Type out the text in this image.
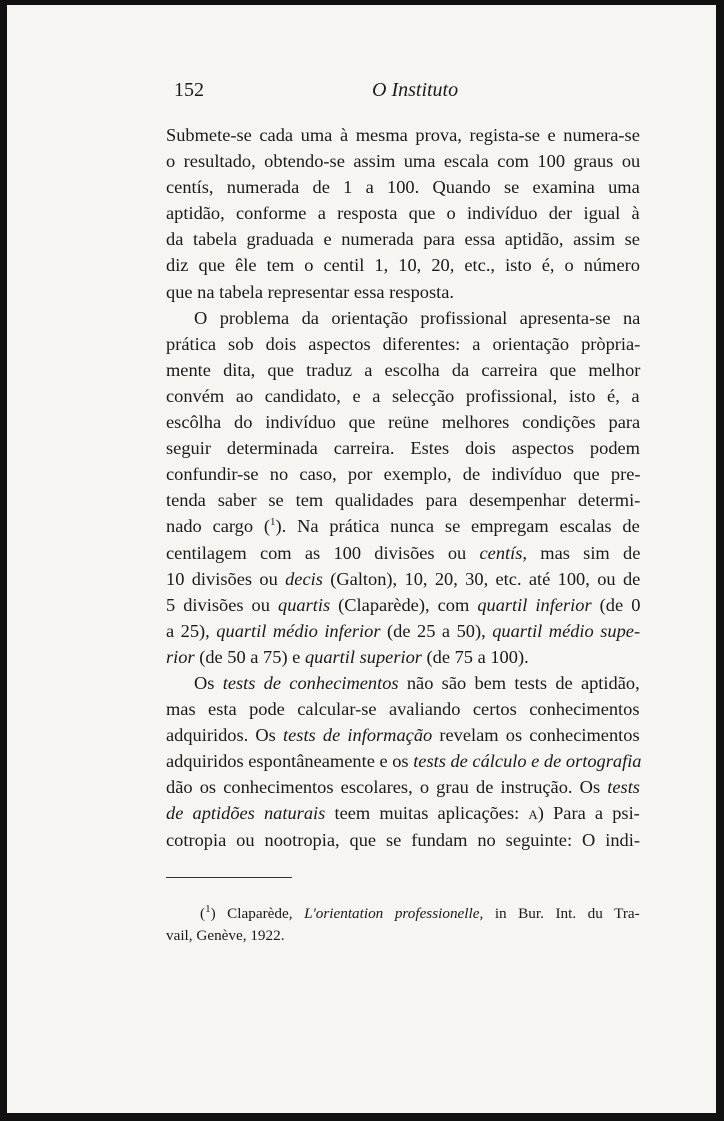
152	O Instituto
Submete-se cada uma à mesma prova, regista-se e numera-se
o resultado, obtendo-se assim uma escala com 100 graus ou
centís, numerada de 1 a 100. Quando se examina uma
aptidão, conforme a resposta que o indivíduo der igual à
da tabela graduada e numerada para essa aptidão, assim se
diz que êle tem o centil 1, 10, 20, etc., isto é, o número
que na tabela representar essa resposta.
O problema da orientação profissional apresenta-se na
prática sob dois aspectos diferentes: a orientação pròpria-
mente dita, que traduz a escolha da carreira que melhor
convém ao candidato, e a selecção profissional, isto é, a
escôlha do indivíduo que reüne melhores condições para
seguir determinada carreira. Estes dois aspectos podem
confundir-se no caso, por exemplo, de indivíduo que pre-
tenda saber se tem qualidades para desempenhar determi-
nado cargo ($^1$). Na prática nunca se empregam escalas de
centilagem com as 100 divisões ou centís, mas sim de
10 divisões ou decis (Galton), 10, 20, 30, etc. até 100, ou de
5 divisões ou quartis (Claparède), com quartil inferior (de 0
a 25), quartil médio inferior (de 25 a 50), quartil médio supe-
rior (de 50 a 75) e quartil superior (de 75 a 100).
Os tests de conhecimentos não são bem tests de aptidão,
mas esta pode calcular-se avaliando certos conhecimentos
adquiridos. Os tests de informação revelam os conhecimentos
adquiridos espontâneamente e os tests de cálculo e de ortografia
dão os conhecimentos escolares, o grau de instrução. Os tests
de aptidões naturais teem muitas aplicações: a) Para a psi-
cotropia ou nootropia, que se fundam no seguinte: O indi-
($^1$) Claparède, L'orientation professionelle, in Bur. Int. du Tra-
vail, Genève, 1922.
